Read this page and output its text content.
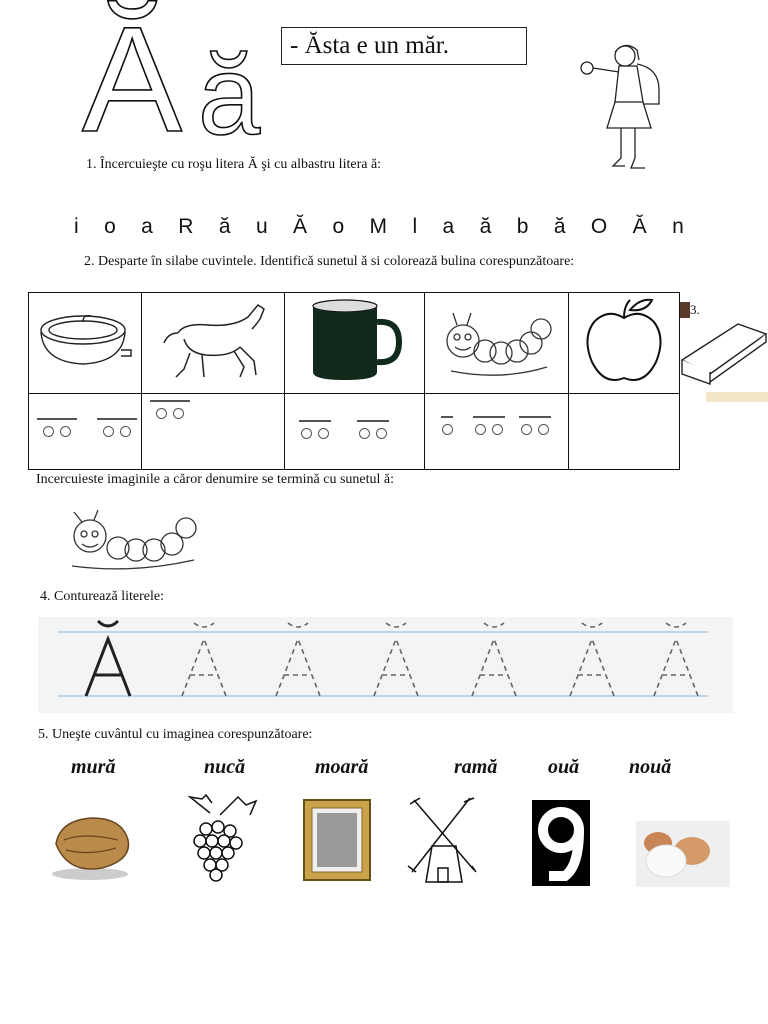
Ă ă	- Ăsta e un măr.
1. Încercuieşte cu roşu litera Ă şi cu albastru litera ă:
i o a R ă u Ă o M l a ă b ă O Ă n
2. Desparte în silabe cuvintele. Identifică sunetul ă si colorează bulina corespunzătoare:

3.
Incercuieste imaginile a căror denumire se termină cu sunetul ă:
4. Conturează literele:
5. Uneşte cuvântul cu imaginea corespunzătoare:
mură	nucă	moară	ramă	ouă nouă
